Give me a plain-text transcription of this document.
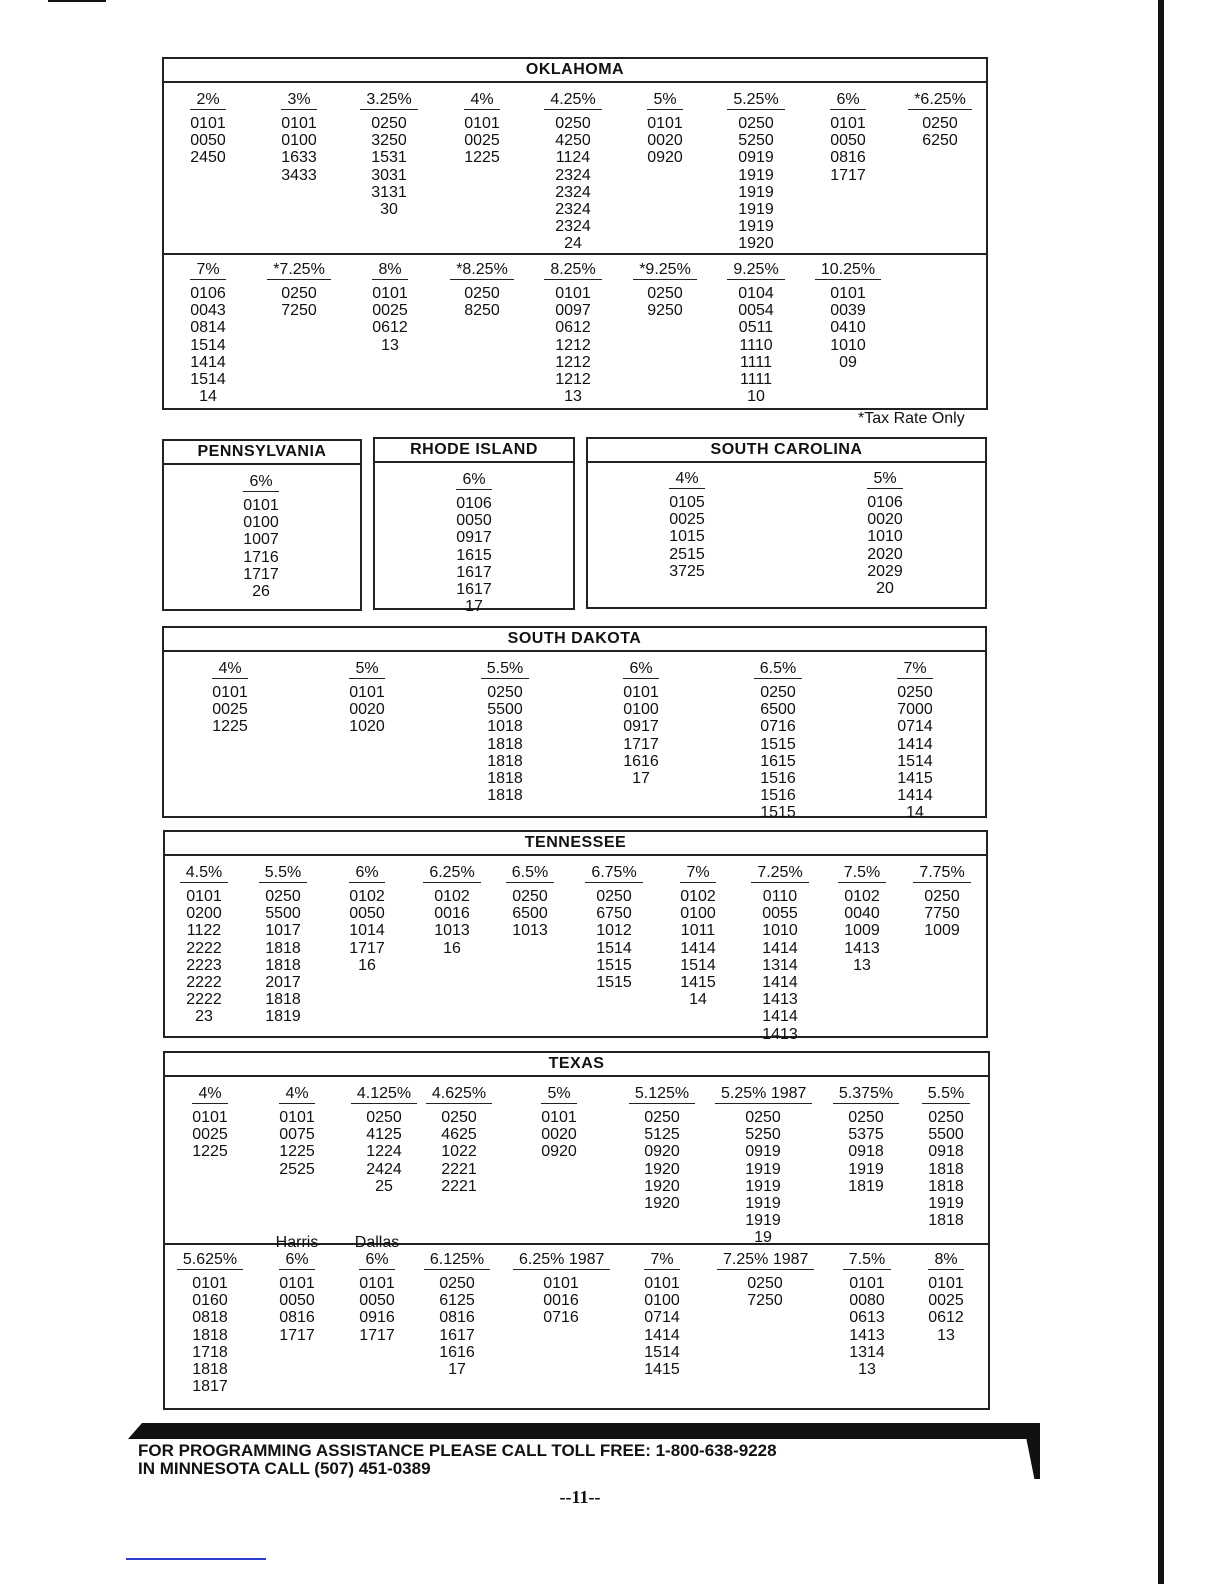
OKLAHOMA
2%
0101
0050
2450
3%
0101
0100
1633
3433
3.25%
0250
3250
1531
3031
3131
30
4%
0101
0025
1225
4.25%
0250
4250
1124
2324
2324
2324
2324
24
5%
0101
0020
0920
5.25%
0250
5250
0919
1919
1919
1919
1919
1920
6%
0101
0050
0816
1717
*6.25%
0250
6250
7%
0106
0043
0814
1514
1414
1514
14
*7.25%
0250
7250
8%
0101
0025
0612
13
*8.25%
0250
8250
8.25%
0101
0097
0612
1212
1212
1212
13
*9.25%
0250
9250
9.25%
0104
0054
0511
1110
1111
1111
10
10.25%
0101
0039
0410
1010
09
*Tax Rate Only
PENNSYLVANIA
6%
0101
0100
1007
1716
1717
26
RHODE ISLAND
6%
0106
0050
0917
1615
1617
1617
17
SOUTH CAROLINA
4%
0105
0025
1015
2515
3725
5%
0106
0020
1010
2020
2029
20
SOUTH DAKOTA
4%
0101
0025
1225
5%
0101
0020
1020
5.5%
0250
5500
1018
1818
1818
1818
1818
6%
0101
0100
0917
1717
1616
17
6.5%
0250
6500
0716
1515
1615
1516
1516
1515
7%
0250
7000
0714
1414
1514
1415
1414
14
TENNESSEE
4.5%
0101
0200
1122
2222
2223
2222
2222
23
5.5%
0250
5500
1017
1818
1818
2017
1818
1819
6%
0102
0050
1014
1717
16
6.25%
0102
0016
1013
16
6.5%
0250
6500
1013
6.75%
0250
6750
1012
1514
1515
1515
7%
0102
0100
1011
1414
1514
1415
14
7.25%
0110
0055
1010
1414
1314
1414
1413
1414
1413
7.5%
0102
0040
1009
1413
13
7.75%
0250
7750
1009
TEXAS
4%
0101
0025
1225
4%
0101
0075
1225
2525
4.125%
0250
4125
1224
2424
25
4.625%
0250
4625
1022
2221
2221
5%
0101
0020
0920
5.125%
0250
5125
0920
1920
1920
1920
5.25% 1987
0250
5250
0919
1919
1919
1919
1919
19
5.375%
0250
5375
0918
1919
1819
5.5%
0250
5500
0918
1818
1818
1919
1818
5.625%
0101
0160
0818
1818
1718
1818
1817
Harris
6%
0101
0050
0816
1717
Dallas
6%
0101
0050
0916
1717
6.125%
0250
6125
0816
1617
1616
17
6.25% 1987
0101
0016
0716
7%
0101
0100
0714
1414
1514
1415
7.25% 1987
0250
7250
7.5%
0101
0080
0613
1413
1314
13
8%
0101
0025
0612
13
FOR PROGRAMMING ASSISTANCE PLEASE CALL TOLL FREE: 1-800-638-9228
IN MINNESOTA CALL (507) 451-0389
--11--
